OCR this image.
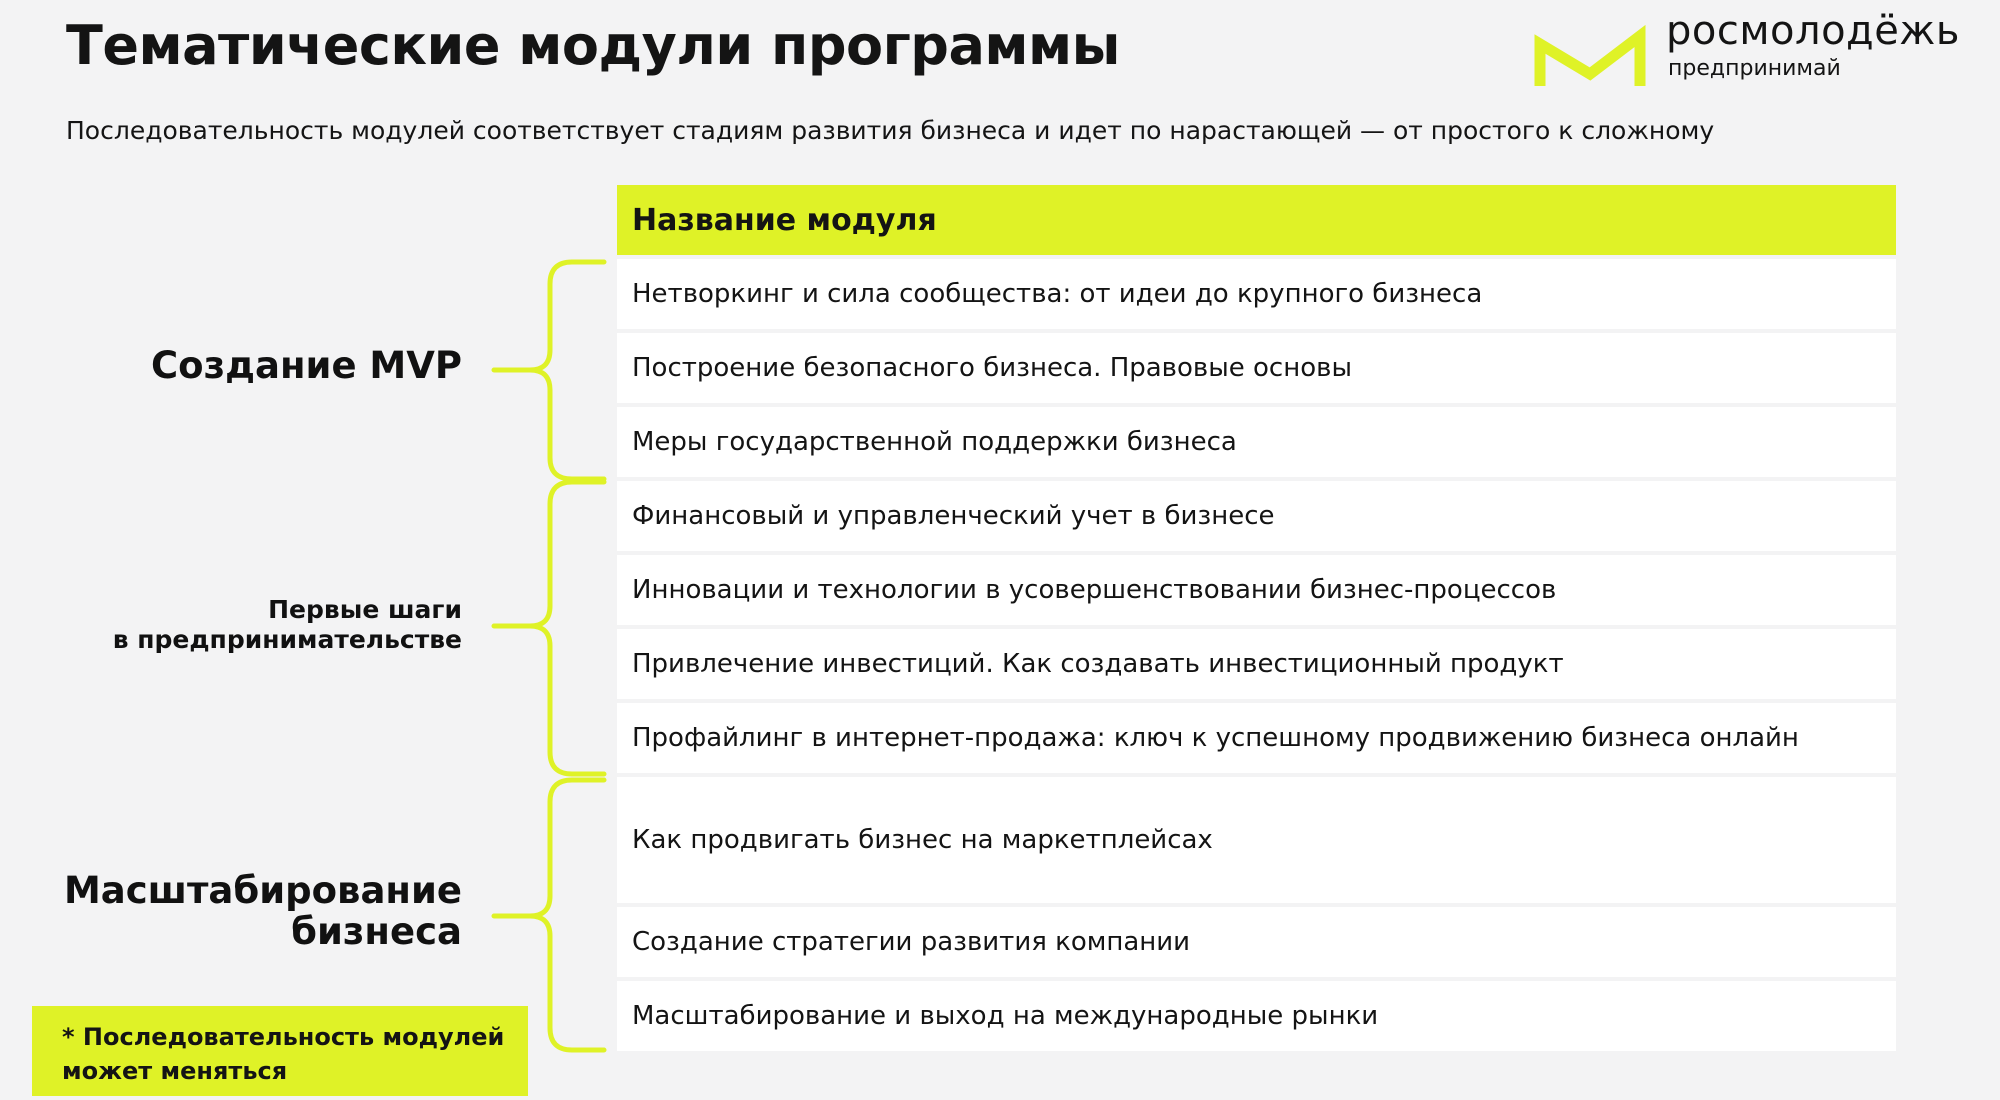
Тематические модули программы
Последовательность модулей соответствует стадиям развития бизнеса и идет по нарастающей — от простого к сложному
росмолодёжь
предпринимай
Создание MVP
Первые шаги
в предпринимательстве
Масштабирование
бизнеса
Название модуля
Нетворкинг и сила сообщества: от идеи до крупного бизнеса
Построение безопасного бизнеса. Правовые основы
Меры государственной поддержки бизнеса
Финансовый и управленческий учет в бизнесе
Инновации и технологии в усовершенствовании бизнес-процессов
Привлечение инвестиций. Как создавать инвестиционный продукт
Профайлинг в интернет-продажа: ключ к успешному продвижению бизнеса онлайн
Как продвигать бизнес на маркетплейсах
Создание стратегии развития компании
Масштабирование и выход на международные рынки
* Последовательность модулей
может меняться
